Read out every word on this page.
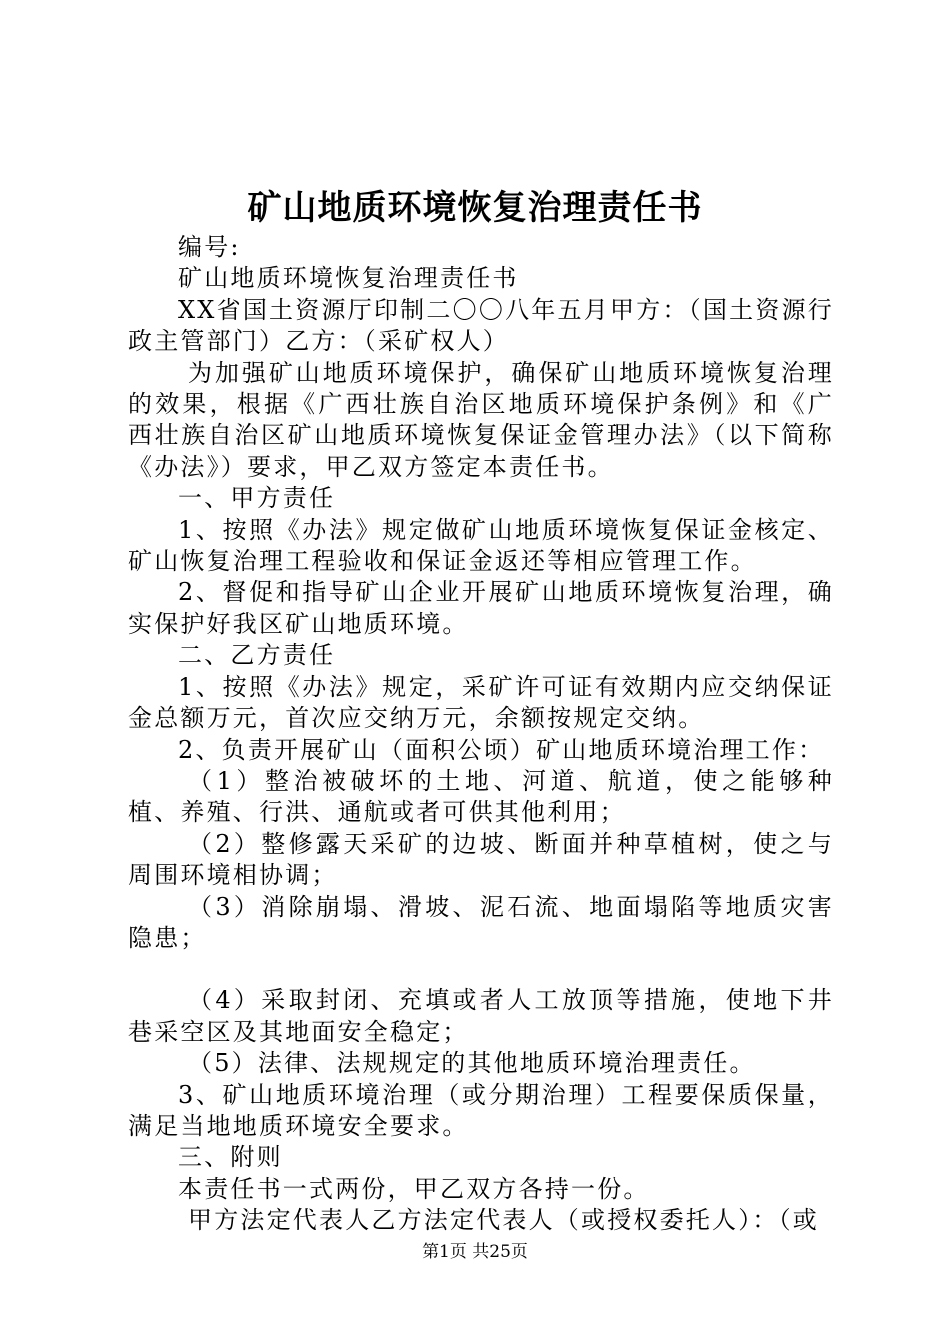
矿山地质环境恢复治理责任书

编号:

矿山地质环境恢复治理责任书

XX省国土资源厅印制二〇〇八年五月甲方：（国土资源行政主管部门）乙方：（采矿权人）

为加强矿山地质环境保护，确保矿山地质环境恢复治理的效果，根据《广西壮族自治区地质环境保护条例》和《广西壮族自治区矿山地质环境恢复保证金管理办法》（以下简称《办法》）要求，甲乙双方签定本责任书。

一、甲方责任

1、按照《办法》规定做矿山地质环境恢复保证金核定、矿山恢复治理工程验收和保证金返还等相应管理工作。

2、督促和指导矿山企业开展矿山地质环境恢复治理，确实保护好我区矿山地质环境。

二、乙方责任

1、按照《办法》规定，采矿许可证有效期内应交纳保证金总额万元，首次应交纳万元，余额按规定交纳。

2、负责开展矿山（面积公顷）矿山地质环境治理工作：

（1）整治被破坏的土地、河道、航道，使之能够种植、养殖、行洪、通航或者可供其他利用；

（2）整修露天采矿的边坡、断面并种草植树，使之与周围环境相协调；

（3）消除崩塌、滑坡、泥石流、地面塌陷等地质灾害隐患；

（4）采取封闭、充填或者人工放顶等措施，使地下井巷采空区及其地面安全稳定；

（5）法律、法规规定的其他地质环境治理责任。

3、矿山地质环境治理（或分期治理）工程要保质保量，满足当地地质环境安全要求。

三、附则

本责任书一式两份，甲乙双方各持一份。

甲方法定代表人乙方法定代表人（或授权委托人）：（或

第1页 共25页
